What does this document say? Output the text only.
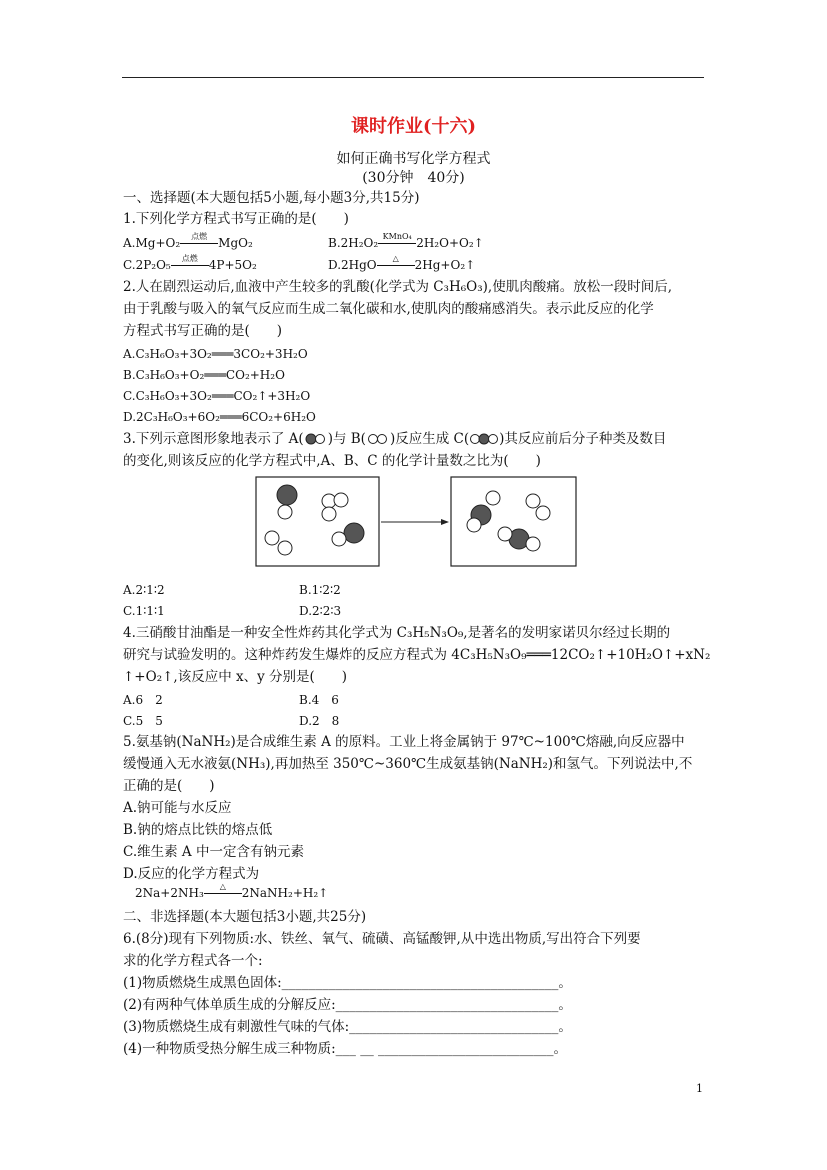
课时作业(十六)
如何正确书写化学方程式
(30分钟　40分)
一、选择题(本大题包括5小题,每小题3分,共15分)
1.下列化学方程式书写正确的是(　　)
A.Mg+O₂	点燃 MgO₂	B.2H₂O₂ KMnO₄ 2H₂O+O₂↑
C.2P₂O₅	点燃 4P+5O₂	D.2HgO	△	2Hg+O₂↑
2.人在剧烈运动后,血液中产生较多的乳酸(化学式为 C₃H₆O₃),使肌肉酸痛。放松一段时间后,
由于乳酸与吸入的氧气反应而生成二氧化碳和水,使肌肉的酸痛感消失。表示此反应的化学
方程式书写正确的是(　　)
A.C₃H₆O₃+3O₂═══3CO₂+3H₂O
B.C₃H₆O₃+O₂═══CO₂+H₂O
C.C₃H₆O₃+3O₂═══CO₂↑+3H₂O
D.2C₃H₆O₃+6O₂═══6CO₂+6H₂O
3.下列示意图形象地表示了 A( )与 B( )反应生成 C( )其反应前后分子种类及数目
的变化,则该反应的化学方程式中,A、B、C 的化学计量数之比为(　　)
A.2∶1∶2	B.1∶2∶2
C.1∶1∶1	D.2∶2∶3
4.三硝酸甘油酯是一种安全性炸药其化学式为 C₃H₅N₃O₉,是著名的发明家诺贝尔经过长期的
研究与试验发明的。这种炸药发生爆炸的反应方程式为 4C₃H₅N₃O₉═══12CO₂↑+10H₂O↑+xN₂
↑+O₂↑,该反应中 x、y 分别是(　　)
A.6　2	B.4　6
C.5　5	D.2　8
5.氨基钠(NaNH₂)是合成维生素 A 的原料。工业上将金属钠于 97℃~100℃熔融,向反应器中
缓慢通入无水液氨(NH₃),再加热至 350℃~360℃生成氨基钠(NaNH₂)和氢气。下列说法中,不
正确的是(　　)
A.钠可能与水反应
B.钠的熔点比铁的熔点低
C.维生素 A 中一定含有钠元素
D.反应的化学方程式为
2Na+2NH₃	△	2NaNH₂+H₂↑
二、非选择题(本大题包括3小题,共25分)
6.(8分)现有下列物质:水、铁丝、氧气、硫磺、高锰酸钾,从中选出物质,写出符合下列要
求的化学方程式各一个:
(1)物质燃烧生成黑色固体:_________________________________________。
(2)有两种气体单质生成的分解反应:_________________________________。
(3)物质燃烧生成有刺激性气味的气体:_______________________________。
(4)一种物质受热分解生成三种物质:___ __ __________________________。
1
